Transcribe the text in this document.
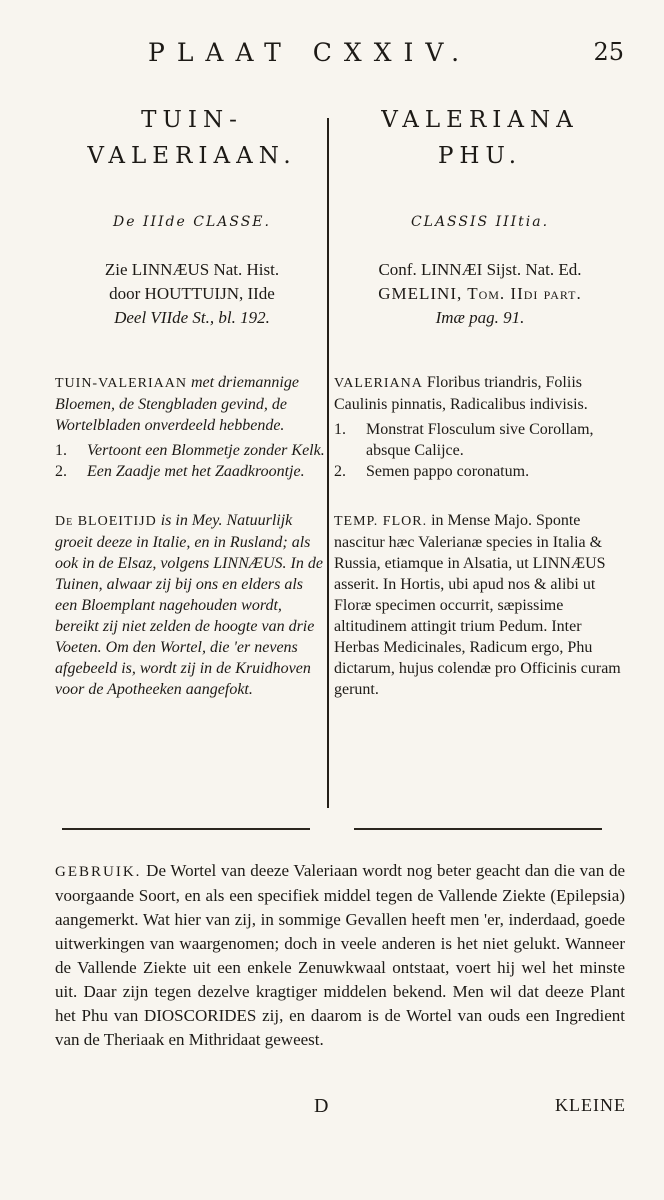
PLAAT CXXIV.	25
TUIN-
VALERIAAN.
De IIIde CLASSE.
Zie LINNÆUS Nat. Hist.
door HOUTTUIJN, IIde
Deel VIIde St., bl. 192.
TUIN-VALERIAAN met driemannige Bloemen, de Stengbladen gevind, de Wortelbladen onverdeeld hebbende.
1.	Vertoont een Blommetje zonder Kelk.
2.	Een Zaadje met het Zaadkroontje.
De BLOEITIJD is in Mey. Natuurlijk groeit deeze in Italie, en in Rusland; als ook in de Elsaz, volgens LINNÆUS. In de Tuinen, alwaar zij bij ons en elders als een Bloemplant nagehouden wordt, bereikt zij niet zelden de hoogte van drie Voeten. Om den Wortel, die 'er nevens afgebeeld is, wordt zij in de Kruidhoven voor de Apotheeken aangefokt.
VALERIANA
PHU.
CLASSIS IIItia.
Conf. LINNÆI Sijst. Nat. Ed.
GMELINI, Tom. IIdi part.
Imæ pag. 91.
VALERIANA Floribus triandris, Foliis Caulinis pinnatis, Radicalibus indivisis.
1.	Monstrat Flosculum sive Corollam, absque Calijce.
2.	Semen pappo coronatum.
TEMP. FLOR. in Mense Majo. Sponte nascitur hæc Valerianæ species in Italia & Russia, etiamque in Alsatia, ut LINNÆUS asserit. In Hortis, ubi apud nos & alibi ut Floræ specimen occurrit, sæpissime altitudinem attingit trium Pedum. Inter Herbas Medicinales, Radicum ergo, Phu dictarum, hujus colendæ pro Officinis curam gerunt.
GEBRUIK. De Wortel van deeze Valeriaan wordt nog beter geacht dan die van de voorgaande Soort, en als een specifiek middel tegen de Vallende Ziekte (Epilepsia) aangemerkt. Wat hier van zij, in sommige Gevallen heeft men 'er, inderdaad, goede uitwerkingen van waargenomen; doch in veele anderen is het niet gelukt. Wanneer de Vallende Ziekte uit een enkele Zenuwkwaal ontstaat, voert hij wel het minste uit. Daar zijn tegen dezelve kragtiger middelen bekend. Men wil dat deeze Plant het Phu van DIOSCORIDES zij, en daarom is de Wortel van ouds een Ingredient van de Theriaak en Mithridaat geweest.
D	KLEINE
